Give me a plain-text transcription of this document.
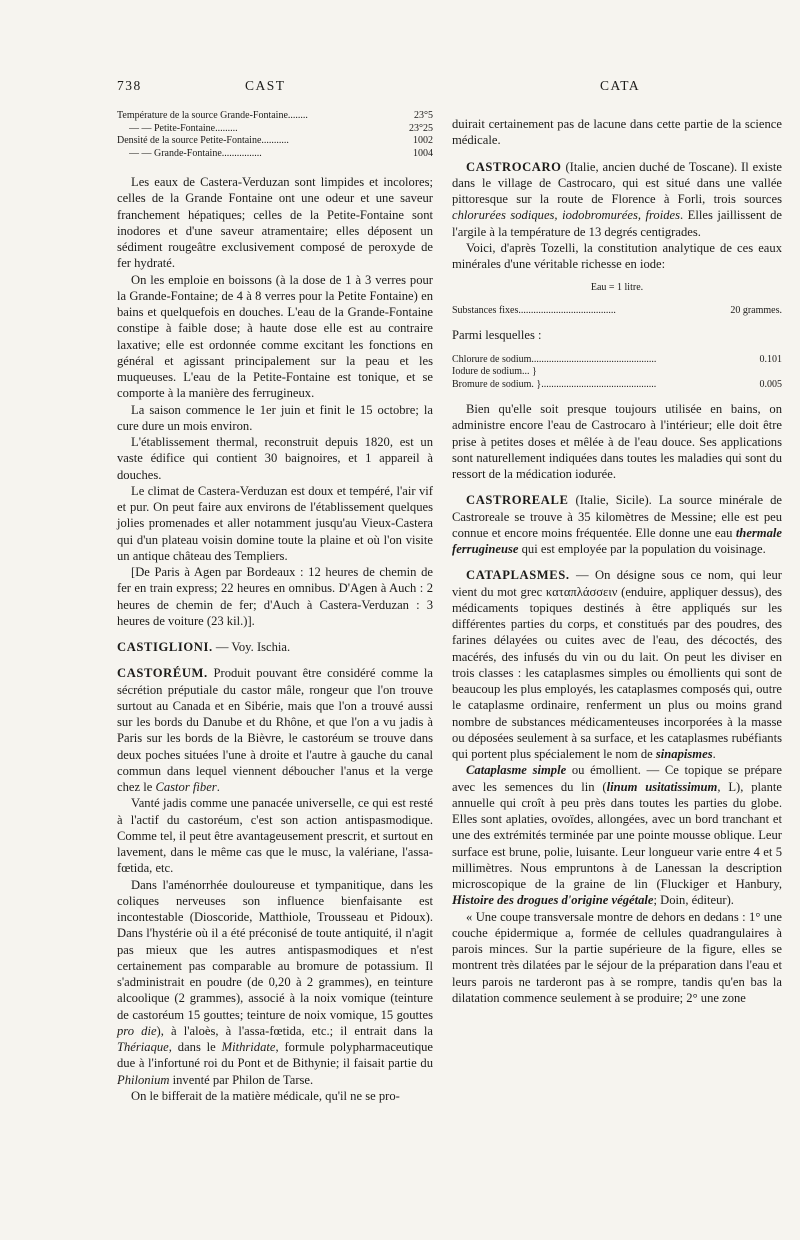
738	CAST	CATA
Température de la source Grande-Fontaine........	23°5
— — Petite-Fontaine.........	23°25
Densité de la source Petite-Fontaine...........	1002
— — Grande-Fontaine................	1004

Les eaux de Castera-Verduzan sont limpides et incolores; celles de la Grande Fontaine ont une odeur et une saveur franchement hépatiques; celles de la Petite-Fontaine sont inodores et d'une saveur atramentaire; elles déposent un sédiment rougeâtre exclusivement composé de peroxyde de fer hydraté.

On les emploie en boissons (à la dose de 1 à 3 verres pour la Grande-Fontaine; de 4 à 8 verres pour la Petite Fontaine) en bains et quelquefois en douches. L'eau de la Grande-Fontaine constipe à faible dose; à haute dose elle est au contraire laxative; elle est ordonnée comme excitant les fonctions en général et agissant principalement sur la peau et les muqueuses. L'eau de la Petite-Fontaine est tonique, et se comporte à la manière des ferrugineux.

La saison commence le 1er juin et finit le 15 octobre; la cure dure un mois environ.

L'établissement thermal, reconstruit depuis 1820, est un vaste édifice qui contient 30 baignoires, et 1 appareil à douches.

Le climat de Castera-Verduzan est doux et tempéré, l'air vif et pur. On peut faire aux environs de l'établissement quelques jolies promenades et aller notamment jusqu'au Vieux-Castera qui d'un plateau voisin domine toute la plaine et où l'on visite un antique château des Templiers.

[De Paris à Agen par Bordeaux : 12 heures de chemin de fer en train express; 22 heures en omnibus. D'Agen à Auch : 2 heures de chemin de fer; d'Auch à Castera-Verduzan : 3 heures de voiture (23 kil.)].

CASTIGLIONI. — Voy. Ischia.

CASTORÉUM. Produit pouvant être considéré comme la sécrétion préputiale du castor mâle, rongeur que l'on trouve surtout au Canada et en Sibérie, mais que l'on a trouvé aussi sur les bords du Danube et du Rhône, et que l'on a vu jadis à Paris sur les bords de la Bièvre, le castoréum se trouve dans deux poches situées l'une à droite et l'autre à gauche du canal commun dans lequel viennent déboucher l'anus et la verge chez le Castor fiber.

Vanté jadis comme une panacée universelle, ce qui est resté à l'actif du castoréum, c'est son action antispasmodique. Comme tel, il peut être avantageusement prescrit, et surtout en lavement, dans le même cas que le musc, la valériane, l'assa-fœtida, etc.

Dans l'aménorrhée douloureuse et tympanitique, dans les coliques nerveuses son influence bienfaisante est incontestable (Dioscoride, Matthiole, Trousseau et Pidoux). Dans l'hystérie où il a été préconisé de toute antiquité, il n'agit pas mieux que les autres antispasmodiques et n'est certainement pas comparable au bromure de potassium. Il s'administrait en poudre (de 0,20 à 2 grammes), en teinture alcoolique (2 grammes), associé à la noix vomique (teinture de castoréum 15 gouttes; teinture de noix vomique, 15 gouttes pro die), à l'aloès, à l'assa-fœtida, etc.; il entrait dans la Thériaque, dans le Mithridate, formule polypharmaceutique due à l'infortuné roi du Pont et de Bithynie; il faisait partie du Philonium inventé par Philon de Tarse.

On le bifferait de la matière médicale, qu'il ne se pro-

duirait certainement pas de lacune dans cette partie de la science médicale.

CASTROCARO (Italie, ancien duché de Toscane). Il existe dans le village de Castrocaro, qui est situé dans une vallée pittoresque sur la route de Florence à Forli, trois sources chlorurées sodiques, iodobromurées, froides. Elles jaillissent de l'argile à la température de 13 degrés centigrades.

Voici, d'après Tozelli, la constitution analytique de ces eaux minérales d'une véritable richesse en iode:

Eau = 1 litre.

Substances fixes.......................................	20 grammes.

Parmi lesquelles :

Chlorure de sodium..................................................	0.101
Iodure de sodium... }
Bromure de sodium. }..............................................	0.005

Bien qu'elle soit presque toujours utilisée en bains, on administre encore l'eau de Castrocaro à l'intérieur; elle doit être prise à petites doses et mêlée à de l'eau douce. Ses applications sont naturellement indiquées dans toutes les maladies qui sont du ressort de la médication iodurée.

CASTROREALE (Italie, Sicile). La source minérale de Castroreale se trouve à 35 kilomètres de Messine; elle est peu connue et encore moins fréquentée. Elle donne une eau thermale ferrugineuse qui est employée par la population du voisinage.

CATAPLASMES. — On désigne sous ce nom, qui leur vient du mot grec καταπλάσσειν (enduire, appliquer dessus), des médicaments topiques destinés à être appliqués sur les différentes parties du corps, et constitués par des poudres, des farines délayées ou cuites avec de l'eau, des décoctés, des macérés, des infusés du vin ou du lait. On peut les diviser en trois classes : les cataplasmes simples ou émollients qui sont de beaucoup les plus employés, les cataplasmes composés qui, outre le cataplasme ordinaire, renferment un plus ou moins grand nombre de substances médicamenteuses incorporées à la masse ou déposées seulement à sa surface, et les cataplasmes rubéfiants qui portent plus spécialement le nom de sinapismes.

Cataplasme simple ou émollient. — Ce topique se prépare avec les semences du lin (linum usitatissimum, L), plante annuelle qui croît à peu près dans toutes les parties du globe. Elles sont aplaties, ovoïdes, allongées, avec un bord tranchant et une des extrémités terminée par une pointe mousse oblique. Leur surface est brune, polie, luisante. Leur longueur varie entre 4 et 5 millimètres. Nous empruntons à de Lanessan la description microscopique de la graine de lin (Fluckiger et Hanbury, Histoire des drogues d'origine végétale; Doin, éditeur).

« Une coupe transversale montre de dehors en dedans : 1° une couche épidermique a, formée de cellules quadrangulaires à parois minces. Sur la partie supérieure de la figure, elles se montrent très dilatées par le séjour de la préparation dans l'eau et leurs parois ne tarderont pas à se rompre, tandis qu'en bas la dilatation commence seulement à se produire; 2° une zone
